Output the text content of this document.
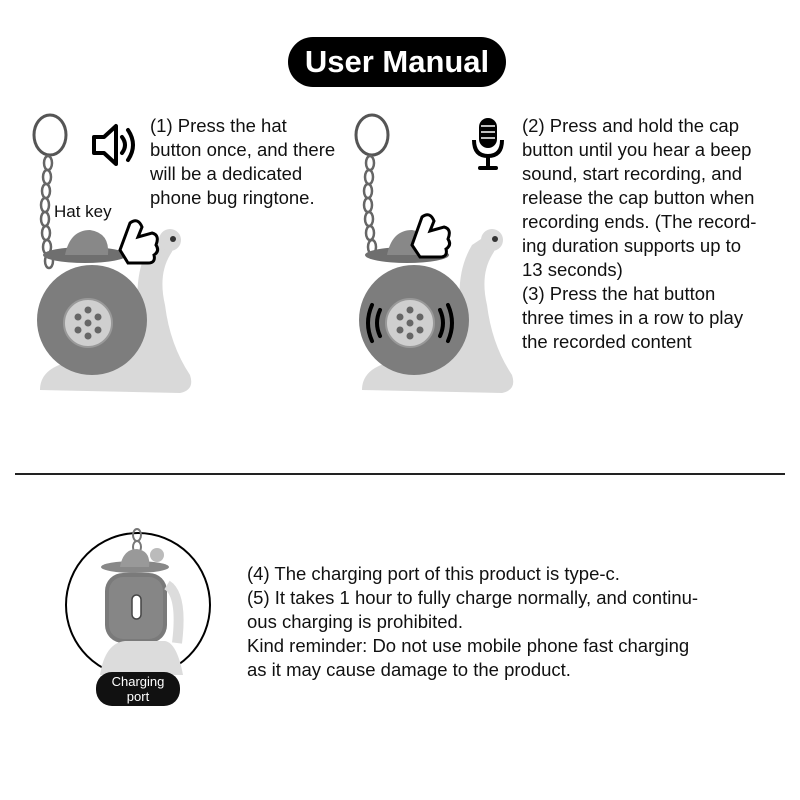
User Manual
Hat key
(1) Press the hat
button once, and there
will be a dedicated
phone bug ringtone.
(2) Press and hold the cap
button until you hear a beep
sound, start recording, and
release the cap button when
recording ends. (The record-
ing duration supports up to
13 seconds)
(3) Press the hat button
three times in a row to play
the recorded content
Charging
port
(4) The charging port of this product is type-c.
(5) It takes 1 hour to fully charge normally, and continu-
ous charging is prohibited.
Kind reminder: Do not use mobile phone fast charging
as it may cause damage to the product.
